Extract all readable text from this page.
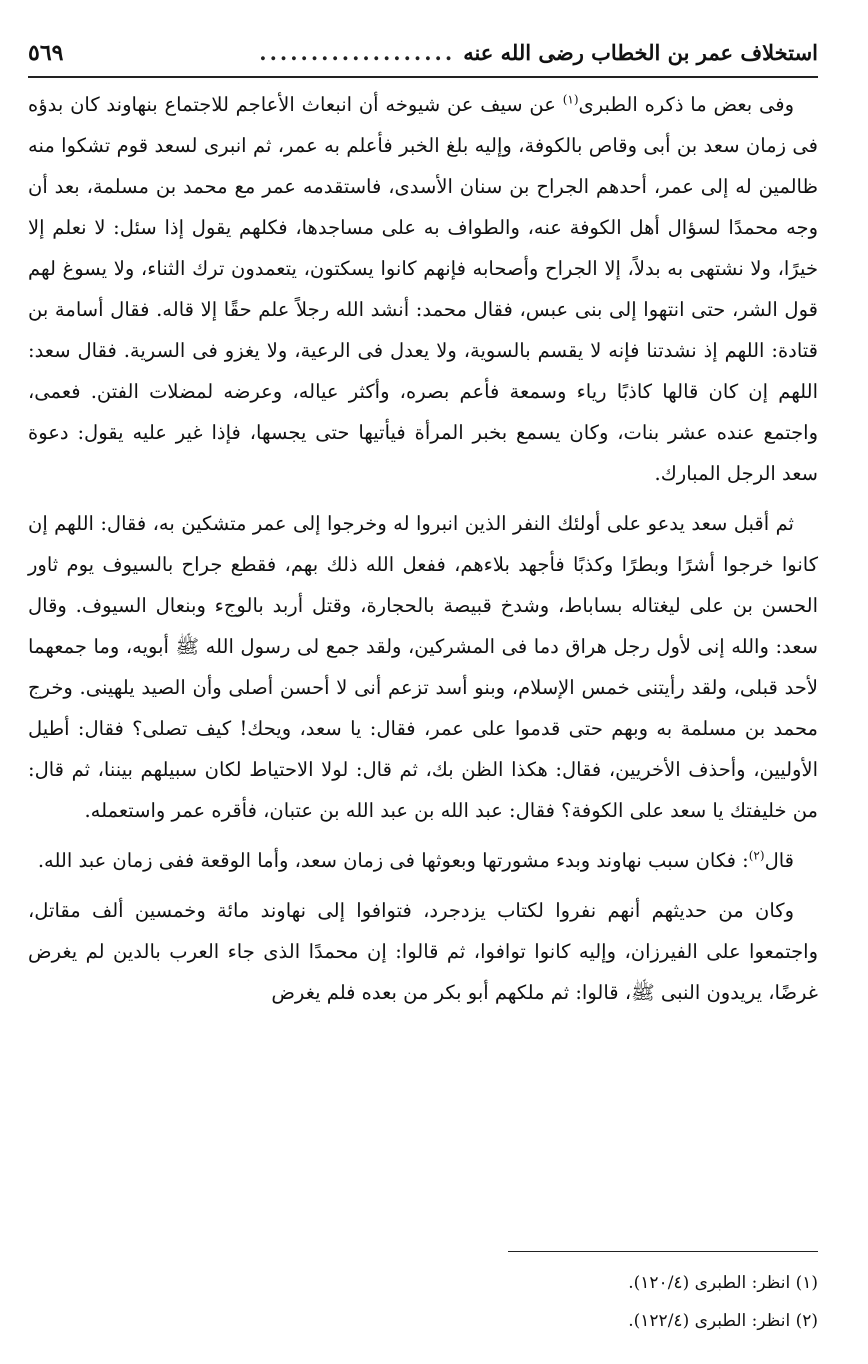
استخلاف عمر بن الخطاب رضى الله عنه
...................
٥٦٩

وفى بعض ما ذكره الطبرى$^{(١)}$ عن سيف عن شيوخه أن انبعاث الأعاجم للاجتماع بنهاوند كان بدؤه فى زمان سعد بن أبى وقاص بالكوفة، وإليه بلغ الخبر فأعلم به عمر، ثم انبرى لسعد قوم تشكوا منه ظالمين له إلى عمر، أحدهم الجراح بن سنان الأسدى، فاستقدمه عمر مع محمد بن مسلمة، بعد أن وجه محمدًا لسؤال أهل الكوفة عنه، والطواف به على مساجدها، فكلهم يقول إذا سئل: لا نعلم إلا خيرًا، ولا نشتهى به بدلاً، إلا الجراح وأصحابه فإنهم كانوا يسكتون، يتعمدون ترك الثناء، ولا يسوغ لهم قول الشر، حتى انتهوا إلى بنى عبس، فقال محمد: أنشد الله رجلاً علم حقًا إلا قاله. فقال أسامة بن قتادة: اللهم إذ نشدتنا فإنه لا يقسم بالسوية، ولا يعدل فى الرعية، ولا يغزو فى السرية. فقال سعد: اللهم إن كان قالها كاذبًا رياء وسمعة فأعم بصره، وأكثر عياله، وعرضه لمضلات الفتن. فعمى، واجتمع عنده عشر بنات، وكان يسمع بخبر المرأة فيأتيها حتى يجسها، فإذا غير عليه يقول: دعوة سعد الرجل المبارك.

ثم أقبل سعد يدعو على أولئك النفر الذين انبروا له وخرجوا إلى عمر متشكين به، فقال: اللهم إن كانوا خرجوا أشرًا وبطرًا وكذبًا فأجهد بلاءهم، ففعل الله ذلك بهم، فقطع جراح بالسيوف يوم ثاور الحسن بن على ليغتاله بساباط، وشدخ قبيصة بالحجارة، وقتل أربد بالوجء وبنعال السيوف. وقال سعد: والله إنى لأول رجل هراق دما فى المشركين، ولقد جمع لى رسول الله ﷺ أبويه، وما جمعهما لأحد قبلى، ولقد رأيتنى خمس الإسلام، وبنو أسد تزعم أنى لا أحسن أصلى وأن الصيد يلهينى. وخرج محمد بن مسلمة به وبهم حتى قدموا على عمر، فقال: يا سعد، ويحك! كيف تصلى؟ فقال: أطيل الأوليين، وأحذف الأخريين، فقال: هكذا الظن بك، ثم قال: لولا الاحتياط لكان سبيلهم بيننا، ثم قال: من خليفتك يا سعد على الكوفة؟ فقال: عبد الله بن عبد الله بن عتبان، فأقره عمر واستعمله.

قال$^{(٢)}$: فكان سبب نهاوند وبدء مشورتها وبعوثها فى زمان سعد، وأما الوقعة ففى زمان عبد الله.

وكان من حديثهم أنهم نفروا لكتاب يزدجرد، فتوافوا إلى نهاوند مائة وخمسين ألف مقاتل، واجتمعوا على الفيرزان، وإليه كانوا توافوا، ثم قالوا: إن محمدًا الذى جاء العرب بالدين لم يغرض غرضًا، يريدون النبى ﷺ، قالوا: ثم ملكهم أبو بكر من بعده فلم يغرض

(١) انظر: الطبرى (١٢٠/٤).
(٢) انظر: الطبرى (١٢٢/٤).
